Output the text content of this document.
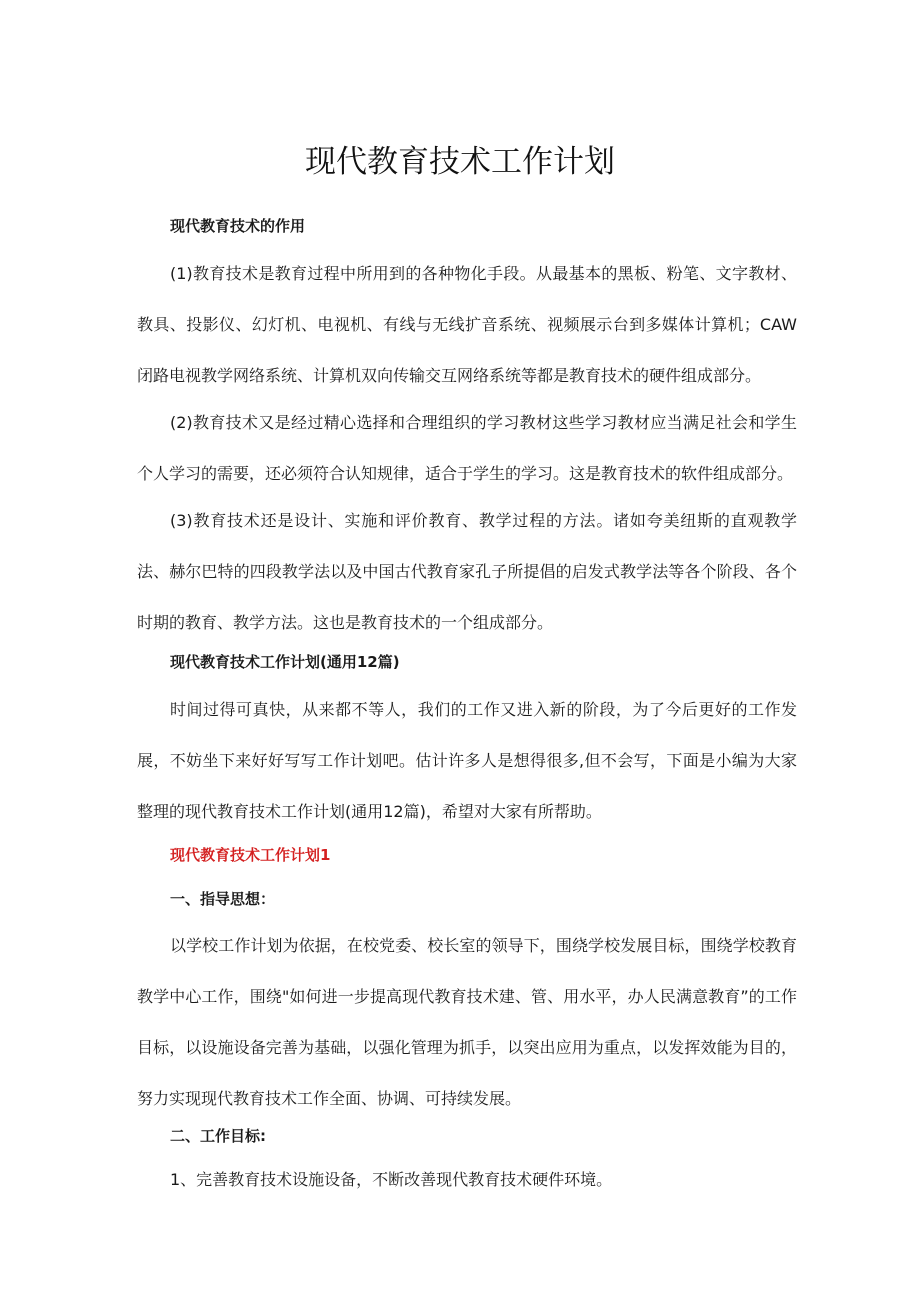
现代教育技术工作计划

现代教育技术的作用

(1)教育技术是教育过程中所用到的各种物化手段。从最基本的黑板、粉笔、文字教材、教具、投影仪、幻灯机、电视机、有线与无线扩音系统、视频展示台到多媒体计算机；CAW闭路电视教学网络系统、计算机双向传输交互网络系统等都是教育技术的硬件组成部分。

(2)教育技术又是经过精心选择和合理组织的学习教材这些学习教材应当满足社会和学生个人学习的需要，还必须符合认知规律，适合于学生的学习。这是教育技术的软件组成部分。

(3)教育技术还是设计、实施和评价教育、教学过程的方法。诸如夸美纽斯的直观教学法、赫尔巴特的四段教学法以及中国古代教育家孔子所提倡的启发式教学法等各个阶段、各个时期的教育、教学方法。这也是教育技术的一个组成部分。

现代教育技术工作计划(通用12篇)

时间过得可真快，从来都不等人，我们的工作又进入新的阶段，为了今后更好的工作发展，不妨坐下来好好写写工作计划吧。估计许多人是想得很多,但不会写，下面是小编为大家整理的现代教育技术工作计划(通用12篇)，希望对大家有所帮助。

现代教育技术工作计划1

一、指导思想：

以学校工作计划为依据，在校党委、校长室的领导下，围绕学校发展目标，围绕学校教育教学中心工作，围绕"如何进一步提高现代教育技术建、管、用水平，办人民满意教育”的工作目标，以设施设备完善为基础，以强化管理为抓手，以突出应用为重点，以发挥效能为目的，努力实现现代教育技术工作全面、协调、可持续发展。

二、工作目标:

1、完善教育技术设施设备，不断改善现代教育技术硬件环境。
